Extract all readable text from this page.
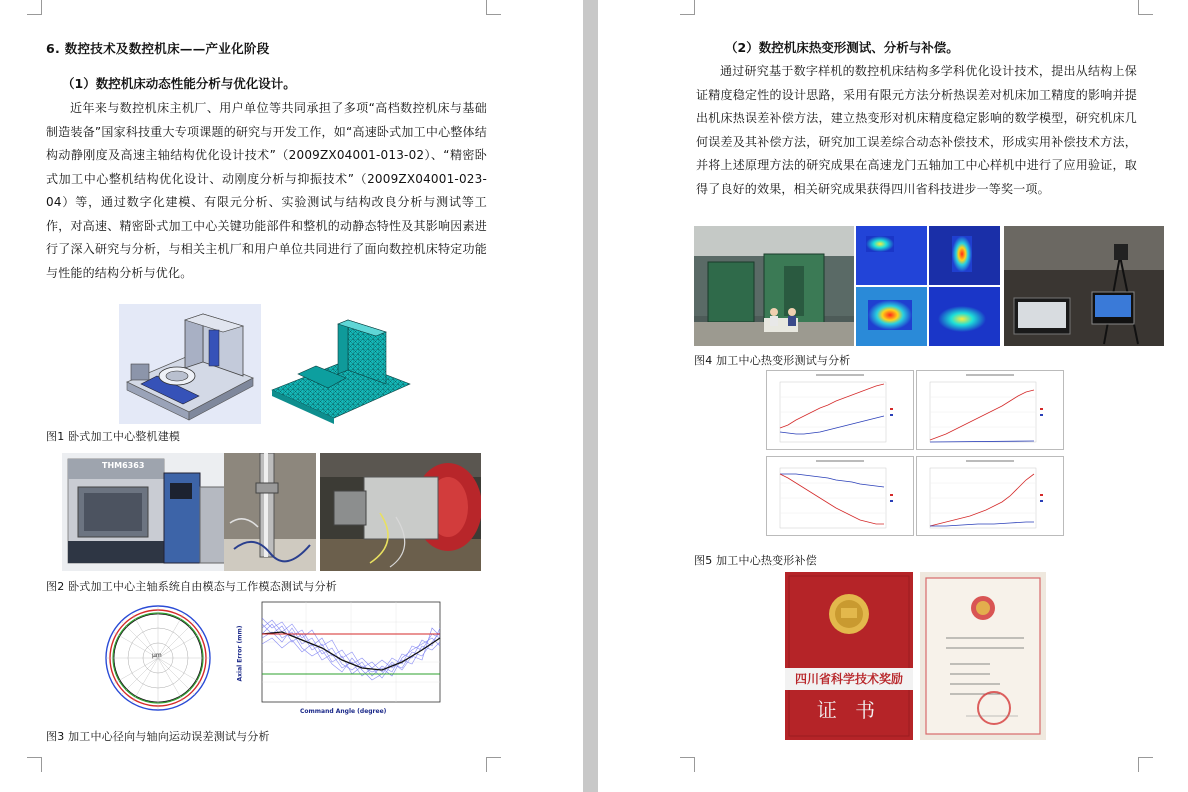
6. 数控技术及数控机床——产业化阶段
（1）数控机床动态性能分析与优化设计。
近年来与数控机床主机厂、用户单位等共同承担了多项“高档数控机床与基础制造装备”国家科技重大专项课题的研究与开发工作，如“高速卧式加工中心整体结构动静刚度及高速主轴结构优化设计技术”（2009ZX04001-013-02）、“精密卧式加工中心整机结构优化设计、动刚度分析与抑振技术”（2009ZX04001-023-04）等，通过数字化建模、有限元分析、实验测试与结构改良分析与测试等工作，对高速、精密卧式加工中心关键功能部件和整机的动静态特性及其影响因素进行了深入研究与分析，与相关主机厂和用户单位共同进行了面向数控机床特定功能与性能的结构分析与优化。
图1 卧式加工中心整机建模
THM6363
图2 卧式加工中心主轴系统自由模态与工作模态测试与分析
μm
Command Angle (degree)
Axial Error (mm)
图3 加工中心径向与轴向运动误差测试与分析
（2）数控机床热变形测试、分析与补偿。
通过研究基于数字样机的数控机床结构多学科优化设计技术，提出从结构上保证精度稳定性的设计思路，采用有限元方法分析热误差对机床加工精度的影响并提出机床热误差补偿方法，建立热变形对机床精度稳定影响的数学模型，研究机床几何误差及其补偿方法，研究加工误差综合动态补偿技术，形成实用补偿技术方法，并将上述原理方法的研究成果在高速龙门五轴加工中心样机中进行了应用验证，取得了良好的效果，相关研究成果获得四川省科技进步一等奖一项。
图4 加工中心热变形测试与分析
图5 加工中心热变形补偿
四川省科学技术奖励
证 书
